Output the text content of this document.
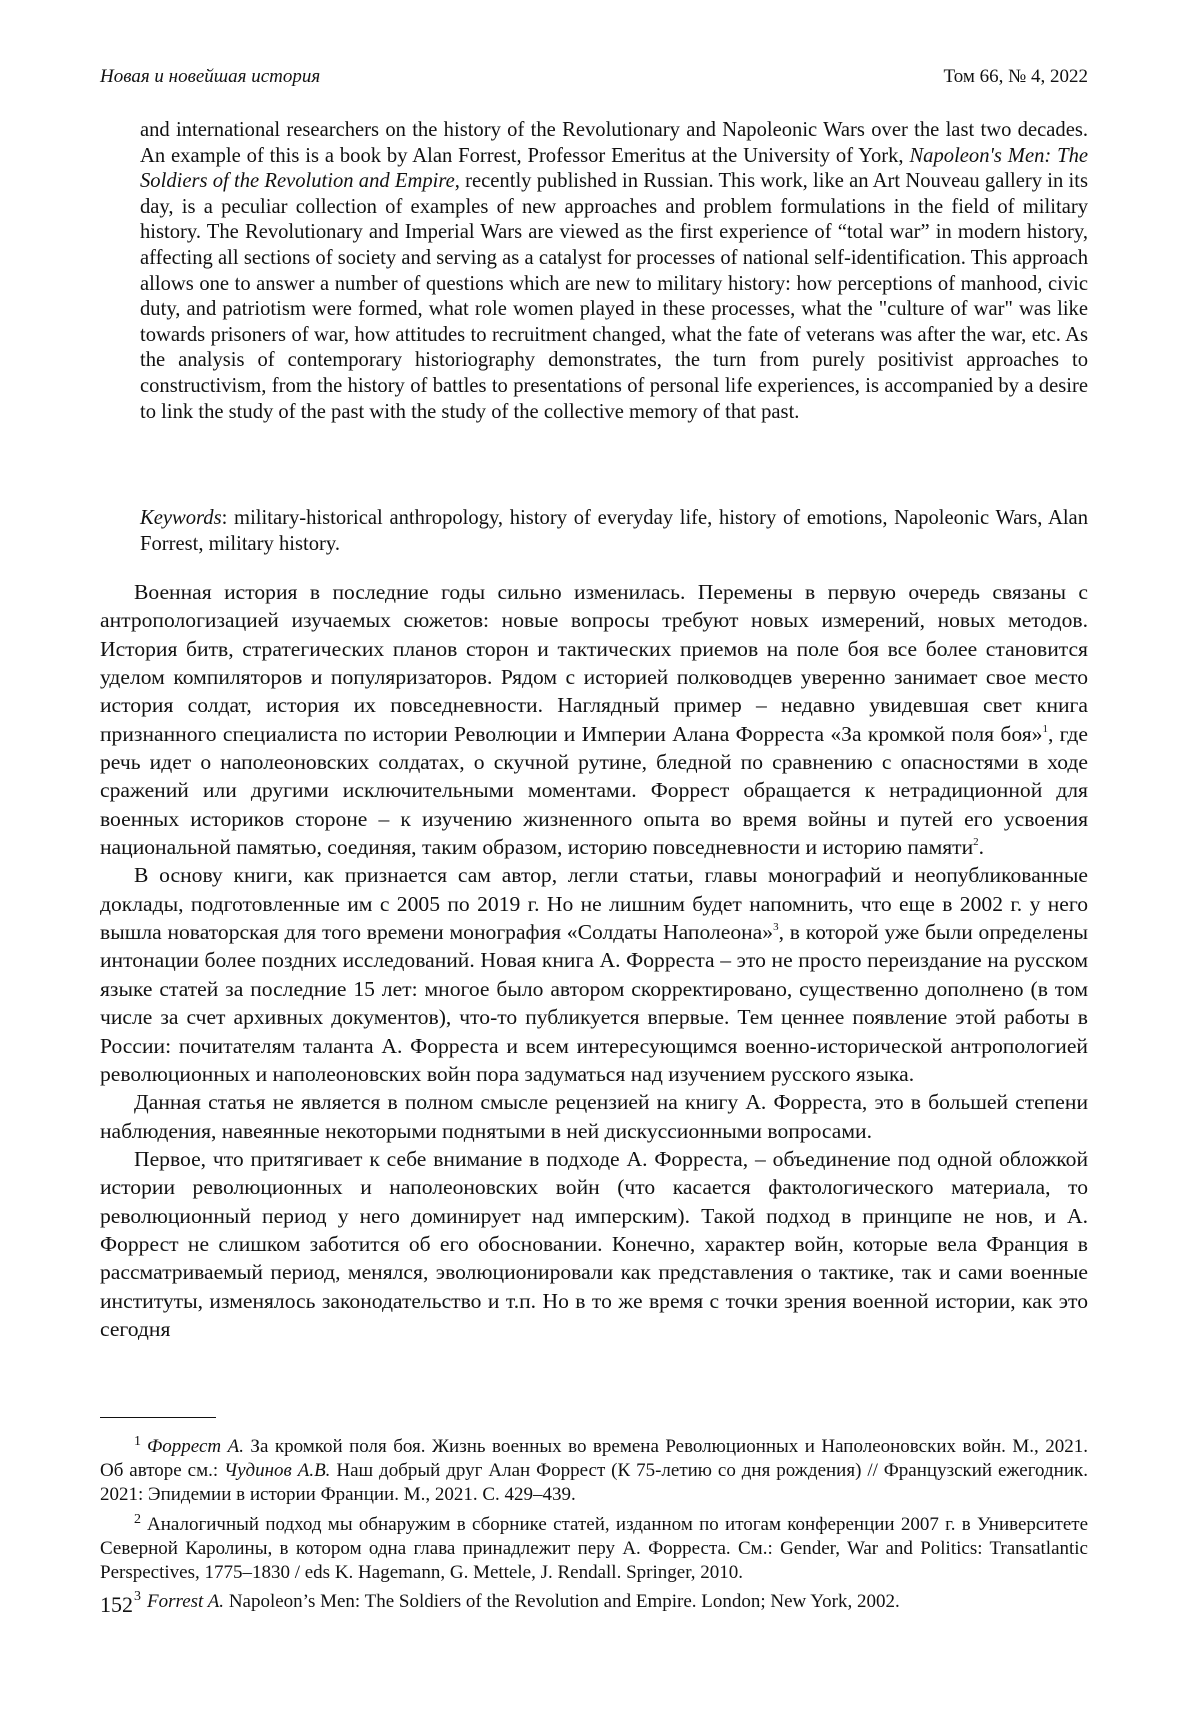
Новая и новейшая история	Том 66, № 4, 2022

and international researchers on the history of the Revolutionary and Napoleonic Wars over the last two decades. An example of this is a book by Alan Forrest, Professor Emeritus at the University of York, Napoleon's Men: The Soldiers of the Revolution and Empire, recently published in Russian. This work, like an Art Nouveau gallery in its day, is a peculiar collection of examples of new approaches and problem formulations in the field of military history. The Revolutionary and Imperial Wars are viewed as the first experience of “total war” in modern history, affecting all sections of society and serving as a catalyst for processes of national self-identification. This approach allows one to answer a number of questions which are new to military history: how perceptions of manhood, civic duty, and patriotism were formed, what role women played in these processes, what the "culture of war" was like towards prisoners of war, how attitudes to recruitment changed, what the fate of veterans was after the war, etc. As the analysis of contemporary historiography demonstrates, the turn from purely positivist approaches to constructivism, from the history of battles to presentations of personal life experiences, is accompanied by a desire to link the study of the past with the study of the collective memory of that past.

Keywords: military-historical anthropology, history of everyday life, history of emotions, Napoleonic Wars, Alan Forrest, military history.

Военная история в последние годы сильно изменилась. Перемены в первую очередь связаны с антропологизацией изучаемых сюжетов: новые вопросы требуют новых измерений, новых методов. История битв, стратегических планов сторон и тактических приемов на поле боя все более становится уделом компиляторов и популяризаторов. Рядом с историей полководцев уверенно занимает свое место история солдат, история их повседневности. Наглядный пример – недавно увидевшая свет книга признанного специалиста по истории Революции и Империи Алана Форреста «За кромкой поля боя»$^1$, где речь идет о наполеоновских солдатах, о скучной рутине, бледной по сравнению с опасностями в ходе сражений или другими исключительными моментами. Форрест обращается к нетрадиционной для военных историков стороне – к изучению жизненного опыта во время войны и путей его усвоения национальной памятью, соединяя, таким образом, историю повседневности и историю памяти$^2$.

В основу книги, как признается сам автор, легли статьи, главы монографий и неопубликованные доклады, подготовленные им с 2005 по 2019 г. Но не лишним будет напомнить, что еще в 2002 г. у него вышла новаторская для того времени монография «Солдаты Наполеона»$^3$, в которой уже были определены интонации более поздних исследований. Новая книга А. Форреста – это не просто переиздание на русском языке статей за последние 15 лет: многое было автором скорректировано, существенно дополнено (в том числе за счет архивных документов), что-то публикуется впервые. Тем ценнее появление этой работы в России: почитателям таланта А. Форреста и всем интересующимся военно-исторической антропологией революционных и наполеоновских войн пора задуматься над изучением русского языка.

Данная статья не является в полном смысле рецензией на книгу А. Форреста, это в большей степени наблюдения, навеянные некоторыми поднятыми в ней дискуссионными вопросами.

Первое, что притягивает к себе внимание в подходе А. Форреста, – объединение под одной обложкой истории революционных и наполеоновских войн (что касается фактологического материала, то революционный период у него доминирует над имперским). Такой подход в принципе не нов, и А. Форрест не слишком заботится об его обосновании. Конечно, характер войн, которые вела Франция в рассматриваемый период, менялся, эволюционировали как представления о тактике, так и сами военные институты, изменялось законодательство и т.п. Но в то же время с точки зрения военной истории, как это сегодня

$^1$ Форрест А. За кромкой поля боя. Жизнь военных во времена Революционных и Наполеоновских войн. М., 2021. Об авторе см.: Чудинов А.В. Наш добрый друг Алан Форрест (К 75-летию со дня рождения) // Французский ежегодник. 2021: Эпидемии в истории Франции. М., 2021. С. 429–439.

$^2$ Аналогичный подход мы обнаружим в сборнике статей, изданном по итогам конференции 2007 г. в Университете Северной Каролины, в котором одна глава принадлежит перу А. Форреста. См.: Gender, War and Politics: Transatlantic Perspectives, 1775–1830 / eds K. Hagemann, G. Mettele, J. Rendall. Springer, 2010.

$^3$ Forrest A. Napoleon’s Men: The Soldiers of the Revolution and Empire. London; New York, 2002.

152
